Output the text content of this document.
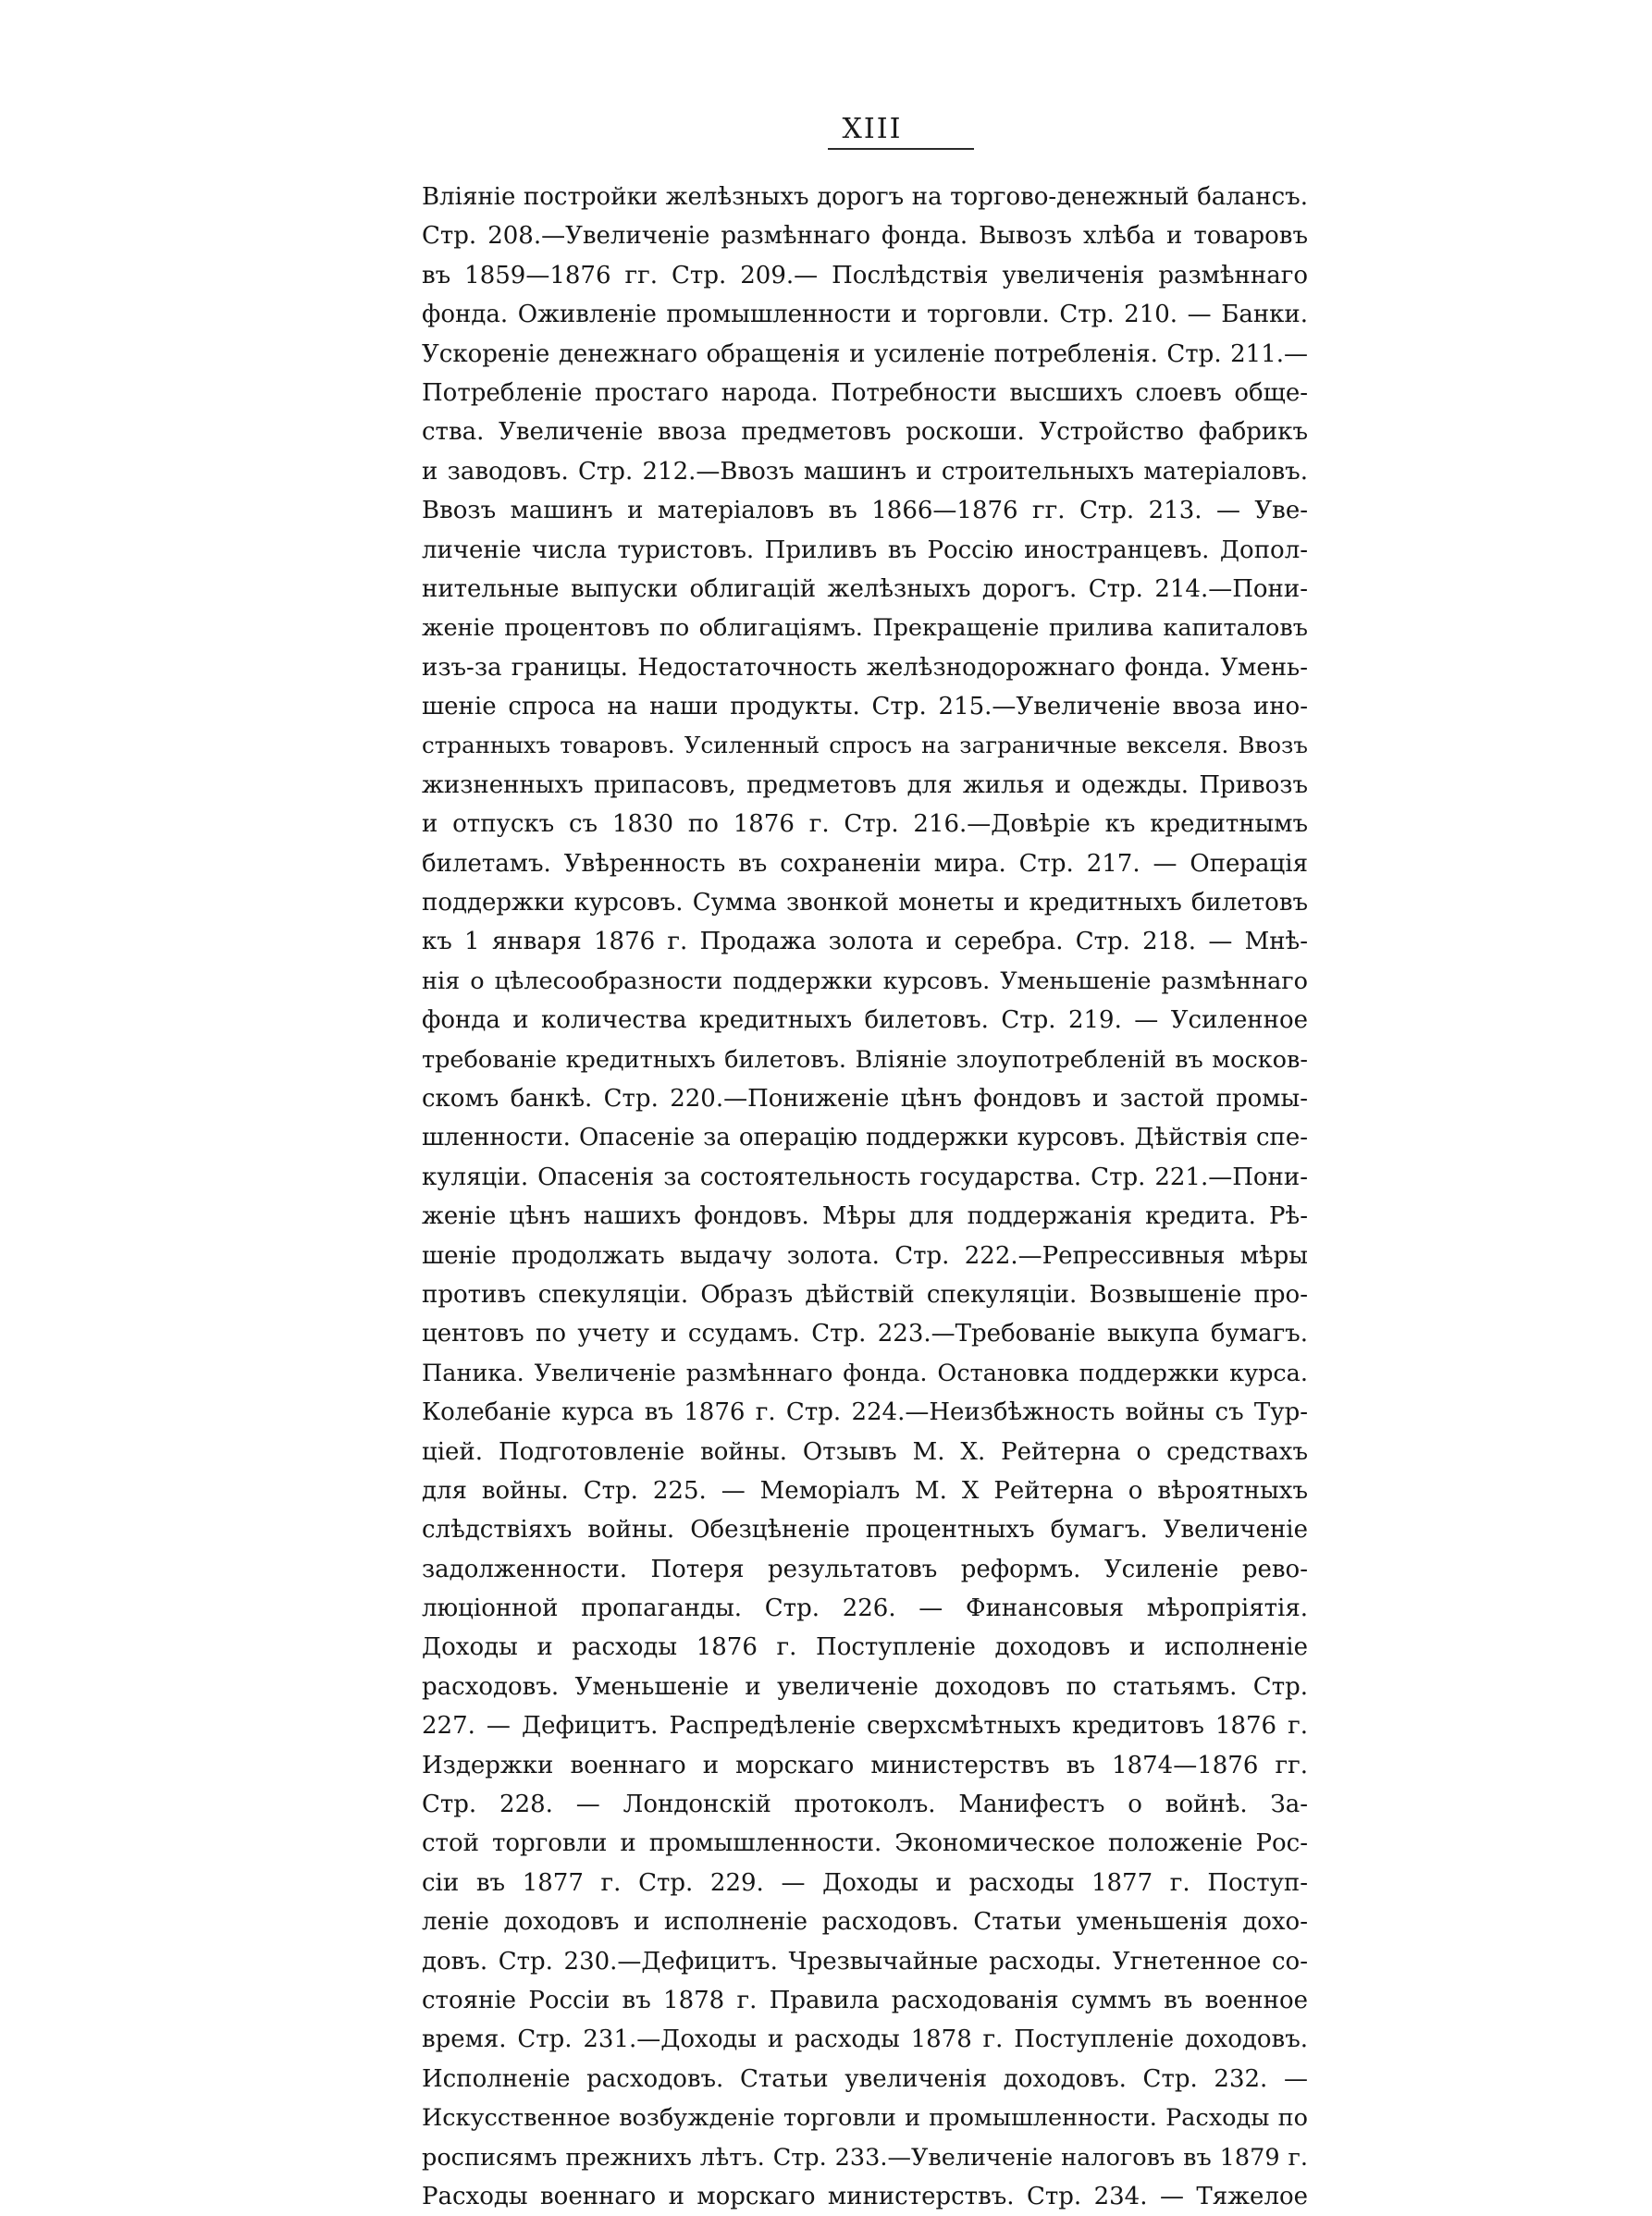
XIII
Вліяніе постройки желѣзныхъ дорогъ на торгово-денежный балансъ.
Стр. 208.—Увеличеніе размѣннаго фонда. Вывозъ хлѣба и товаровъ
въ 1859—1876 гг. Стр. 209.— Послѣдствія увеличенія размѣннаго
фонда. Оживленіе промышленности и торговли. Стр. 210. — Банки.
Ускореніе денежнаго обращенія и усиленіе потребленія. Стр. 211.—
Потребленіе простаго народа. Потребности высшихъ слоевъ обще-
ства. Увеличеніе ввоза предметовъ роскоши. Устройство фабрикъ
и заводовъ. Стр. 212.—Ввозъ машинъ и строительныхъ матеріаловъ.
Ввозъ машинъ и матеріаловъ въ 1866—1876 гг. Стр. 213. — Уве-
личеніе числа туристовъ. Приливъ въ Россію иностранцевъ. Допол-
нительные выпуски облигацій желѣзныхъ дорогъ. Стр. 214.—Пони-
женіе процентовъ по облигаціямъ. Прекращеніе прилива капиталовъ
изъ-за границы. Недостаточность желѣзнодорожнаго фонда. Умень-
шеніе спроса на наши продукты. Стр. 215.—Увеличеніе ввоза ино-
странныхъ товаровъ. Усиленный спросъ на заграничные векселя. Ввозъ
жизненныхъ припасовъ, предметовъ для жилья и одежды. Привозъ
и отпускъ съ 1830 по 1876 г. Стр. 216.—Довѣріе къ кредитнымъ
билетамъ. Увѣренность въ сохраненіи мира. Стр. 217. — Операція
поддержки курсовъ. Сумма звонкой монеты и кредитныхъ билетовъ
къ 1 января 1876 г. Продажа золота и серебра. Стр. 218. — Мнѣ-
нія о цѣлесообразности поддержки курсовъ. Уменьшеніе размѣннаго
фонда и количества кредитныхъ билетовъ. Стр. 219. — Усиленное
требованіе кредитныхъ билетовъ. Вліяніе злоупотребленій въ москов-
скомъ банкѣ. Стр. 220.—Пониженіе цѣнъ фондовъ и застой промы-
шленности. Опасеніе за операцію поддержки курсовъ. Дѣйствія спе-
куляціи. Опасенія за состоятельность государства. Стр. 221.—Пони-
женіе цѣнъ нашихъ фондовъ. Мѣры для поддержанія кредита. Рѣ-
шеніе продолжать выдачу золота. Стр. 222.—Репрессивныя мѣры
противъ спекуляціи. Образъ дѣйствій спекуляціи. Возвышеніе про-
центовъ по учету и ссудамъ. Стр. 223.—Требованіе выкупа бумагъ.
Паника. Увеличеніе размѣннаго фонда. Остановка поддержки курса.
Колебаніе курса въ 1876 г. Стр. 224.—Неизбѣжность войны съ Тур-
ціей. Подготовленіе войны. Отзывъ М. Х. Рейтерна о средствахъ
для войны. Стр. 225. — Меморіалъ М. Х Рейтерна о вѣроятныхъ
слѣдствіяхъ войны. Обезцѣненіе процентныхъ бумагъ. Увеличеніе
задолженности. Потеря результатовъ реформъ. Усиленіе рево-
люціонной пропаганды. Стр. 226. — Финансовыя мѣропріятія.
Доходы и расходы 1876 г. Поступленіе доходовъ и исполненіе
расходовъ. Уменьшеніе и увеличеніе доходовъ по статьямъ. Стр.
227. — Дефицитъ. Распредѣленіе сверхсмѣтныхъ кредитовъ 1876 г.
Издержки военнаго и морскаго министерствъ въ 1874—1876 гг.
Стр. 228. — Лондонскій протоколъ. Манифестъ о войнѣ. За-
стой торговли и промышленности. Экономическое положеніе Рос-
сіи въ 1877 г. Стр. 229. — Доходы и расходы 1877 г. Поступ-
леніе доходовъ и исполненіе расходовъ. Статьи уменьшенія дохо-
довъ. Стр. 230.—Дефицитъ. Чрезвычайные расходы. Угнетенное со-
стояніе Россіи въ 1878 г. Правила расходованія суммъ въ военное
время. Стр. 231.—Доходы и расходы 1878 г. Поступленіе доходовъ.
Исполненіе расходовъ. Статьи увеличенія доходовъ. Стр. 232. —
Искусственное возбужденіе торговли и промышленности. Расходы по
росписямъ прежнихъ лѣтъ. Стр. 233.—Увеличеніе налоговъ въ 1879 г.
Расходы военнаго и морскаго министерствъ. Стр. 234. — Тяжелое
